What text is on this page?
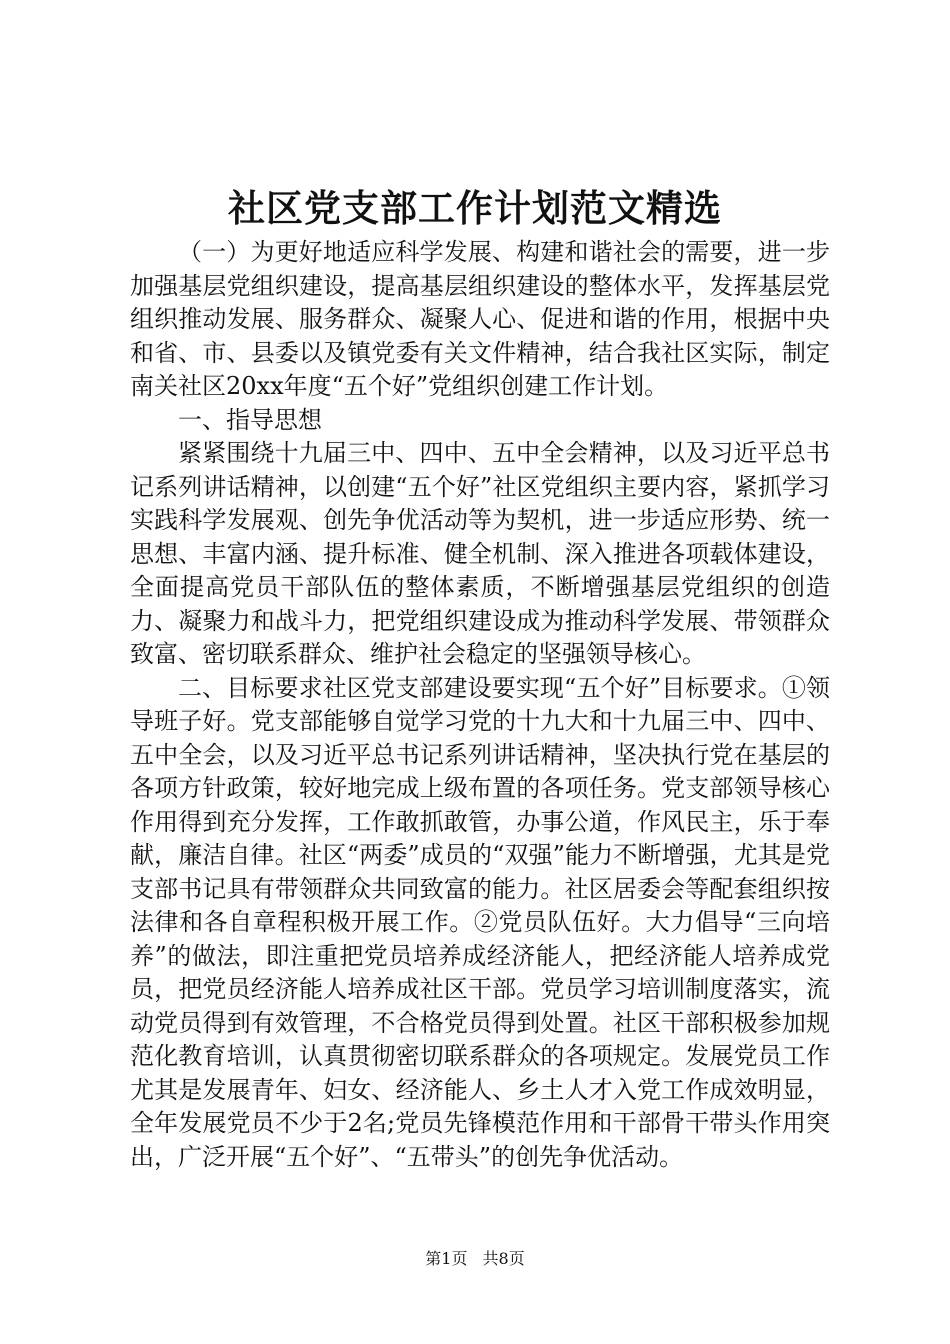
社区党支部工作计划范文精选

（一）为更好地适应科学发展、构建和谐社会的需要，进一步加强基层党组织建设，提高基层组织建设的整体水平，发挥基层党组织推动发展、服务群众、凝聚人心、促进和谐的作用，根据中央和省、市、县委以及镇党委有关文件精神，结合我社区实际，制定南关社区20xx年度“五个好”党组织创建工作计划。

一、指导思想

紧紧围绕十九届三中、四中、五中全会精神，以及习近平总书记系列讲话精神，以创建“五个好”社区党组织主要内容，紧抓学习实践科学发展观、创先争优活动等为契机，进一步适应形势、统一思想、丰富内涵、提升标准、健全机制、深入推进各项载体建设，全面提高党员干部队伍的整体素质，不断增强基层党组织的创造力、凝聚力和战斗力，把党组织建设成为推动科学发展、带领群众致富、密切联系群众、维护社会稳定的坚强领导核心。

二、目标要求社区党支部建设要实现“五个好”目标要求。①领导班子好。党支部能够自觉学习党的十九大和十九届三中、四中、五中全会，以及习近平总书记系列讲话精神，坚决执行党在基层的各项方针政策，较好地完成上级布置的各项任务。党支部领导核心作用得到充分发挥，工作敢抓敢管，办事公道，作风民主，乐于奉献，廉洁自律。社区“两委”成员的“双强”能力不断增强，尤其是党支部书记具有带领群众共同致富的能力。社区居委会等配套组织按法律和各自章程积极开展工作。②党员队伍好。大力倡导“三向培养”的做法，即注重把党员培养成经济能人，把经济能人培养成党员，把党员经济能人培养成社区干部。党员学习培训制度落实，流动党员得到有效管理，不合格党员得到处置。社区干部积极参加规范化教育培训，认真贯彻密切联系群众的各项规定。发展党员工作尤其是发展青年、妇女、经济能人、乡土人才入党工作成效明显，全年发展党员不少于2名;党员先锋模范作用和干部骨干带头作用突出，广泛开展“五个好”、“五带头”的创先争优活动。

第1页 共8页
